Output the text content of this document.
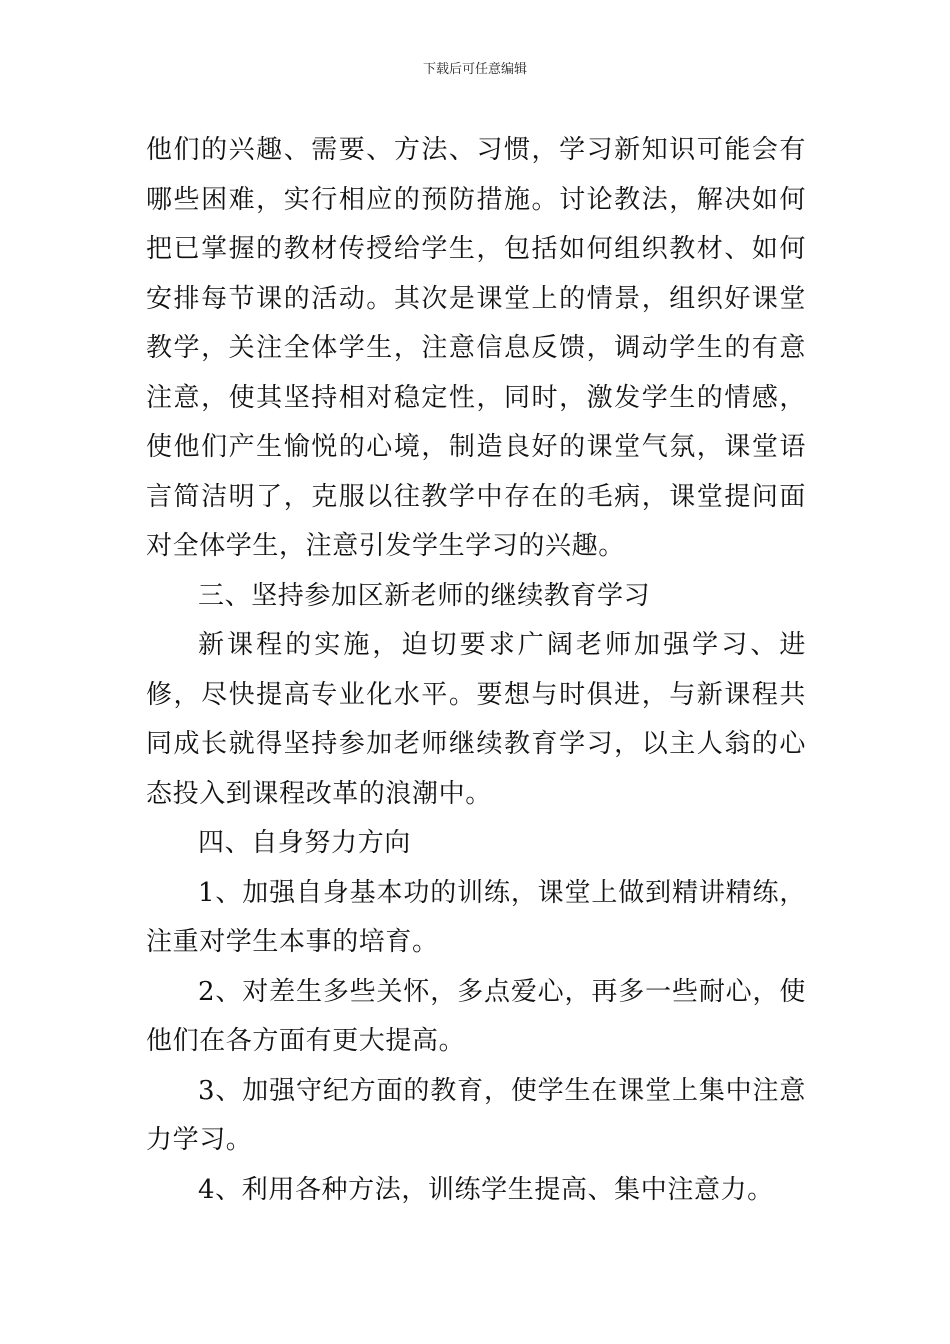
下载后可任意编辑

他们的兴趣、需要、方法、习惯，学习新知识可能会有哪些困难，实行相应的预防措施。讨论教法，解决如何把已掌握的教材传授给学生，包括如何组织教材、如何安排每节课的活动。其次是课堂上的情景，组织好课堂教学，关注全体学生，注意信息反馈，调动学生的有意注意，使其坚持相对稳定性，同时，激发学生的情感，使他们产生愉悦的心境，制造良好的课堂气氛，课堂语言简洁明了，克服以往教学中存在的毛病，课堂提问面对全体学生，注意引发学生学习的兴趣。

三、坚持参加区新老师的继续教育学习

新课程的实施，迫切要求广阔老师加强学习、进修，尽快提高专业化水平。要想与时俱进，与新课程共同成长就得坚持参加老师继续教育学习，以主人翁的心态投入到课程改革的浪潮中。

四、自身努力方向

1、加强自身基本功的训练，课堂上做到精讲精练，注重对学生本事的培育。

2、对差生多些关怀，多点爱心，再多一些耐心，使他们在各方面有更大提高。

3、加强守纪方面的教育，使学生在课堂上集中注意力学习。

4、利用各种方法，训练学生提高、集中注意力。
